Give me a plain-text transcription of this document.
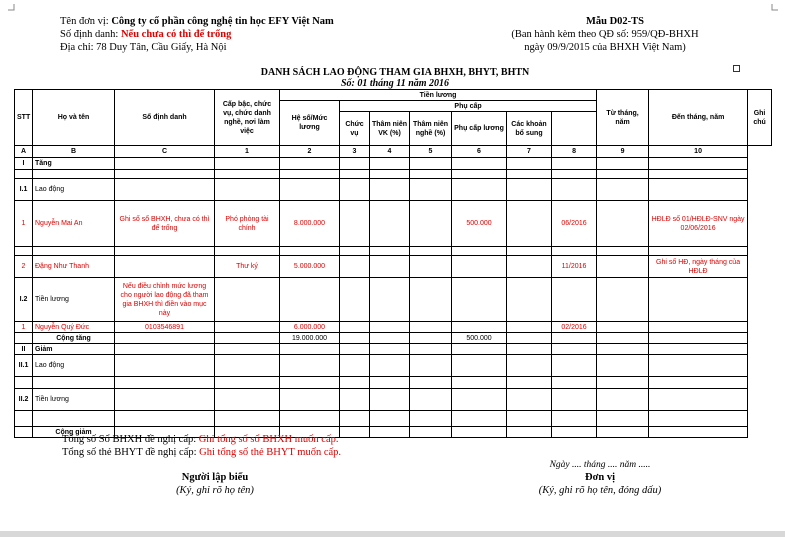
Tên đơn vị: Công ty cổ phần công nghệ tin học EFY Việt Nam
Số định danh: Nếu chưa có thì để trống
Địa chỉ: 78 Duy Tân, Cầu Giấy, Hà Nội
Mẫu D02-TS
(Ban hành kèm theo QĐ số: 959/QĐ-BHXH
ngày 09/9/2015 của BHXH Việt Nam)
DANH SÁCH LAO ĐỘNG THAM GIA BHXH, BHYT, BHTN
Số: 01 tháng 11 năm 2016
STT	Họ và tên	Số định danh	Cấp bậc, chức vụ, chức danh nghề, nơi làm việc	Tiền lương							Từ tháng, năm	Đến tháng, năm	Ghi chú
				Hệ số/Mức lương	Phụ cấp								
					Chức vụ	Thâm niên VK (%)	Thâm niên nghề (%)	Phụ cấp lương	Các khoản bổ sung				
A	B	C	1	2	3	4	5	6	7	8	9	10	
I	Tăng												

I.1	Lao động												
1	Nguyễn Mai An	Ghi số sổ BHXH, chưa có thì để trống	Phó phòng tài chính	8.000.000				500.000		06/2016		HĐLĐ số 01/HĐLĐ-SNV ngày 02/06/2016	

2	Đặng Như Thanh		Thư ký	5.000.000						11/2016		Ghi số HĐ, ngày tháng của HĐLĐ	
I.2	Tiền lương	Nếu điều chỉnh mức lương cho người lao động đã tham gia BHXH thì điền vào mục này											
1	Nguyễn Quý Đức	0103546891		6.000.000						02/2016			
	Cộng tăng			19.000.000				500.000					
II	Giảm												
II.1	Lao động												

II.2	Tiền lương												

	Cộng giảm												
Tổng số Sổ BHXH đề nghị cấp: Ghi tổng số sổ BHXH muốn cấp.
Tổng số thẻ BHYT đề nghị cấp: Ghi tổng số thẻ BHYT muốn cấp.
Ngày .... tháng .... năm .....
Người lập biểu
(Ký, ghi rõ họ tên)
Đơn vị
(Ký, ghi rõ họ tên, đóng dấu)
